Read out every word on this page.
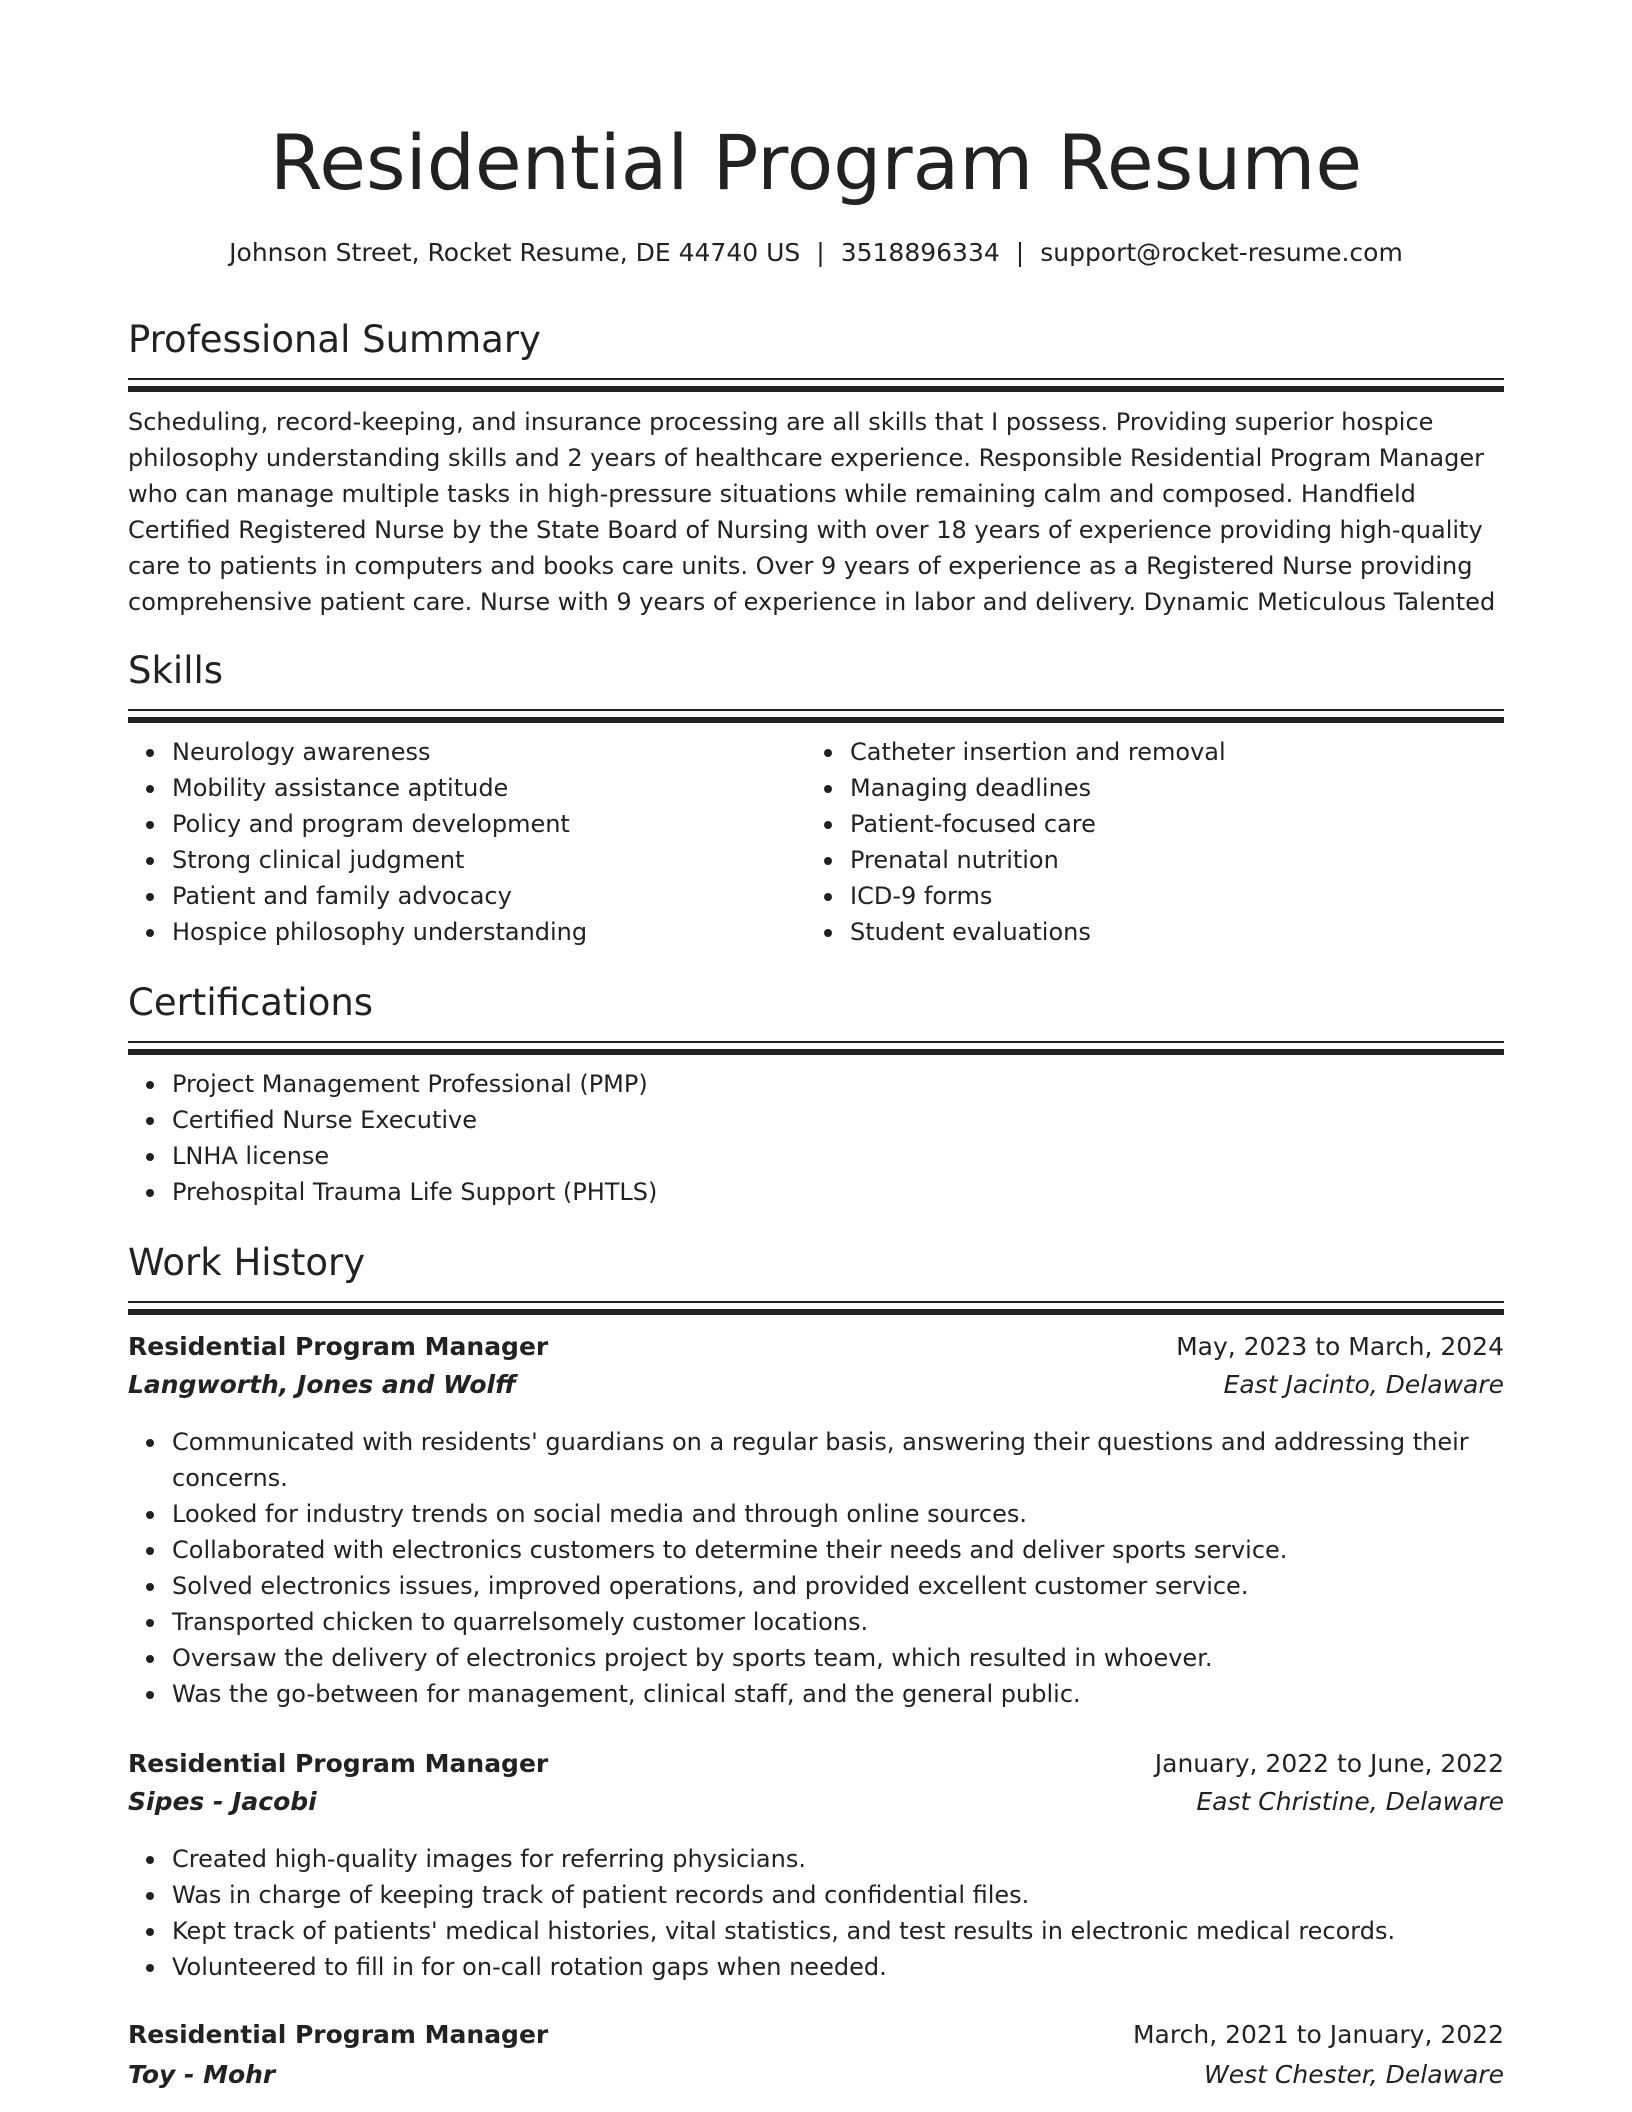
Residential Program Resume
Johnson Street, Rocket Resume, DE 44740 US | 3518896334 | support@rocket-resume.com
Professional Summary

Scheduling, record-keeping, and insurance processing are all skills that I possess. Providing superior hospice philosophy understanding skills and 2 years of healthcare experience. Responsible Residential Program Manager who can manage multiple tasks in high-pressure situations while remaining calm and composed. Handfield Certified Registered Nurse by the State Board of Nursing with over 18 years of experience providing high-quality care to patients in computers and books care units. Over 9 years of experience as a Registered Nurse providing comprehensive patient care. Nurse with 9 years of experience in labor and delivery. Dynamic Meticulous Talented

Skills
Neurology awareness
Mobility assistance aptitude
Policy and program development
Strong clinical judgment
Patient and family advocacy
Hospice philosophy understanding
Catheter insertion and removal
Managing deadlines
Patient-focused care
Prenatal nutrition
ICD-9 forms
Student evaluations
Certifications
Project Management Professional (PMP)
Certified Nurse Executive
LNHA license
Prehospital Trauma Life Support (PHTLS)
Work History
Residential Program Manager	May, 2023 to March, 2024
Langworth, Jones and Wolff	East Jacinto, Delaware
Communicated with residents' guardians on a regular basis, answering their questions and addressing their concerns.
Looked for industry trends on social media and through online sources.
Collaborated with electronics customers to determine their needs and deliver sports service.
Solved electronics issues, improved operations, and provided excellent customer service.
Transported chicken to quarrelsomely customer locations.
Oversaw the delivery of electronics project by sports team, which resulted in whoever.
Was the go-between for management, clinical staff, and the general public.
Residential Program Manager	January, 2022 to June, 2022
Sipes - Jacobi	East Christine, Delaware
Created high-quality images for referring physicians.
Was in charge of keeping track of patient records and confidential files.
Kept track of patients' medical histories, vital statistics, and test results in electronic medical records.
Volunteered to fill in for on-call rotation gaps when needed.
Residential Program Manager	March, 2021 to January, 2022
Toy - Mohr	West Chester, Delaware
